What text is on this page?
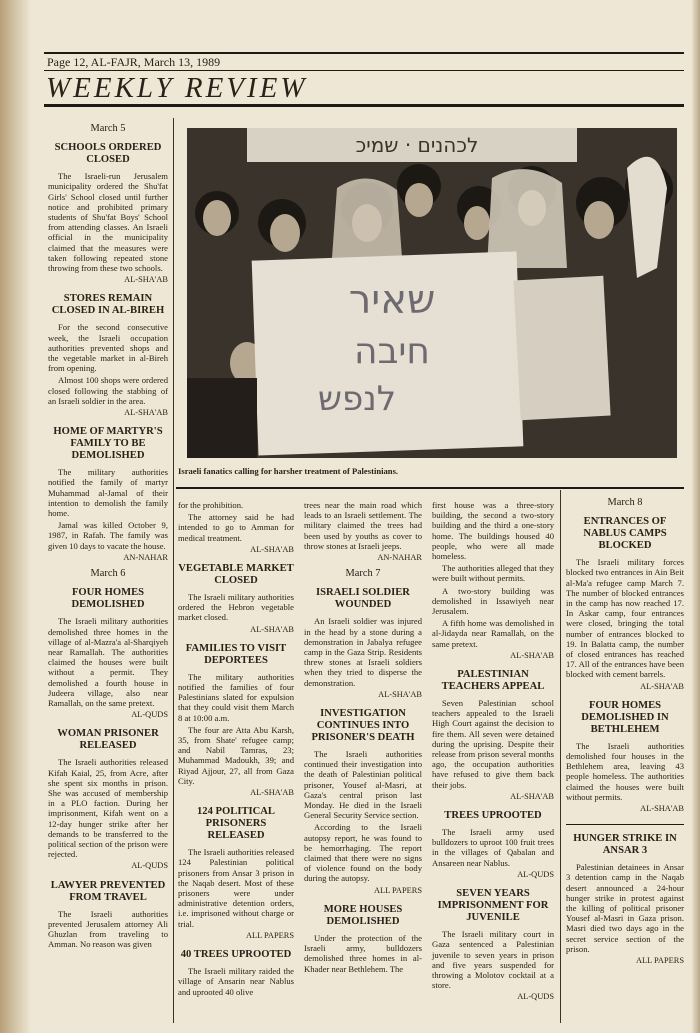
Page 12, AL-FAJR, March 13, 1989
WEEKLY REVIEW
לכהנים · שמיכ
שאיר
חיבה
לנפש
Israeli fanatics calling for harsher treatment of Palestinians.
March 5
SCHOOLS ORDERED CLOSED

The Israeli-run Jerusalem municipality ordered the Shu'fat Girls' School closed until further notice and prohibited primary students of Shu'fat Boys' School from attending classes. An Israeli official in the municipality claimed that the measures were taken following repeated stone throwing from these two schools.

AL-SHA'AB
STORES REMAIN CLOSED IN AL-BIREH

For the second consecutive week, the Israeli occupation authorities prevented shops and the vegetable market in al-Bireh from opening.

Almost 100 shops were ordered closed following the stabbing of an Israeli soldier in the area.

AL-SHA'AB
HOME OF MARTYR'S FAMILY TO BE DEMOLISHED

The military authorities notified the family of martyr Muhammad al-Jamal of their intention to demolish the family home.

Jamal was killed October 9, 1987, in Rafah. The family was given 10 days to vacate the house.

AN-NAHAR
March 6
FOUR HOMES DEMOLISHED

The Israeli military authorities demolished three homes in the village of al-Mazra'a al-Sharqiyeh near Ramallah. The authorities claimed the houses were built without a permit. They demolished a fourth house in Judeera village, also near Ramallah, on the same pretext.

AL-QUDS
WOMAN PRISONER RELEASED

The Israeli authorities released Kifah Kaial, 25, from Acre, after she spent six months in prison. She was accused of membership in a PLO faction. During her imprisonment, Kifah went on a 12-day hunger strike after her demands to be transferred to the political section of the prison were rejected.

AL-QUDS
LAWYER PREVENTED FROM TRAVEL

The Israeli authorities prevented Jerusalem attorney Ali Ghuzlan from traveling to Amman. No reason was given

for the prohibition.

The attorney said he had intended to go to Amman for medical treatment.

AL-SHA'AB
VEGETABLE MARKET CLOSED

The Israeli military authorities ordered the Hebron vegetable market closed.

AL-SHA'AB
FAMILIES TO VISIT DEPORTEES

The military authorities notified the families of four Palestinians slated for expulsion that they could visit them March 8 at 10:00 a.m.

The four are Atta Abu Karsh, 35, from Shate' refugee camp; and Nabil Tamras, 23; Muhammad Madoukh, 39; and Riyad Ajjour, 27, all from Gaza City.

AL-SHA'AB
124 POLITICAL PRISONERS RELEASED

The Israeli authorities released 124 Palestinian political prisoners from Ansar 3 prison in the Naqab desert. Most of these prisoners were under administrative detention orders, i.e. imprisoned without charge or trial.

ALL PAPERS
40 TREES UPROOTED

The Israeli military raided the village of Ansarin near Nablus and uprooted 40 olive

trees near the main road which leads to an Israeli settlement. The military claimed the trees had been used by youths as cover to throw stones at Israeli jeeps.

AN-NAHAR
March 7
ISRAELI SOLDIER WOUNDED

An Israeli soldier was injured in the head by a stone during a demonstration in Jabalya refugee camp in the Gaza Strip. Residents threw stones at Israeli soldiers when they tried to disperse the demonstration.

AL-SHA'AB
INVESTIGATION CONTINUES INTO PRISONER'S DEATH

The Israeli authorities continued their investigation into the death of Palestinian political prisoner, Yousef al-Masri, at Gaza's central prison last Monday. He died in the Israeli General Security Service section.

According to the Israeli autopsy report, he was found to be hemorrhaging. The report claimed that there were no signs of violence found on the body during the autopsy.

ALL PAPERS
MORE HOUSES DEMOLISHED

Under the protection of the Israeli army, bulldozers demolished three homes in al-Khader near Bethlehem. The

first house was a three-story building, the second a two-story building and the third a one-story home. The buildings housed 40 people, who were all made homeless.

The authorities alleged that they were built without permits.

A two-story building was demolished in Issawiyeh near Jerusalem.

A fifth home was demolished in al-Jidayda near Ramallah, on the same pretext.

AL-SHA'AB
PALESTINIAN TEACHERS APPEAL

Seven Palestinian school teachers appealed to the Israeli High Court against the decision to fire them. All seven were detained during the uprising. Despite their release from prison several months ago, the occupation authorities have refused to give them back their jobs.

AL-SHA'AB
TREES UPROOTED

The Israeli army used bulldozers to uproot 100 fruit trees in the villages of Qabalan and Ansareen near Nablus.

AL-QUDS
SEVEN YEARS IMPRISONMENT FOR JUVENILE

The Israeli military court in Gaza sentenced a Palestinian juvenile to seven years in prison and five years suspended for throwing a Molotov cocktail at a store.

AL-QUDS
March 8
ENTRANCES OF NABLUS CAMPS BLOCKED

The Israeli military forces blocked two entrances in Ain Beit al-Ma'a refugee camp March 7. The number of blocked entrances in the camp has now reached 17. In Askar camp, four entrances were closed, bringing the total number of entrances blocked to 19. In Balatta camp, the number of closed entrances has reached 17. All of the entrances have been blocked with cement barrels.

AL-SHA'AB
FOUR HOMES DEMOLISHED IN BETHLEHEM

The Israeli authorities demolished four houses in the Bethlehem area, leaving 43 people homeless. The authorities claimed the houses were built without permits.

AL-SHA'AB
HUNGER STRIKE IN ANSAR 3

Palestinian detainees in Ansar 3 detention camp in the Naqab desert announced a 24-hour hunger strike in protest against the killing of political prisoner Yousef al-Masri in Gaza prison. Masri died two days ago in the secret service section of the prison.

ALL PAPERS
